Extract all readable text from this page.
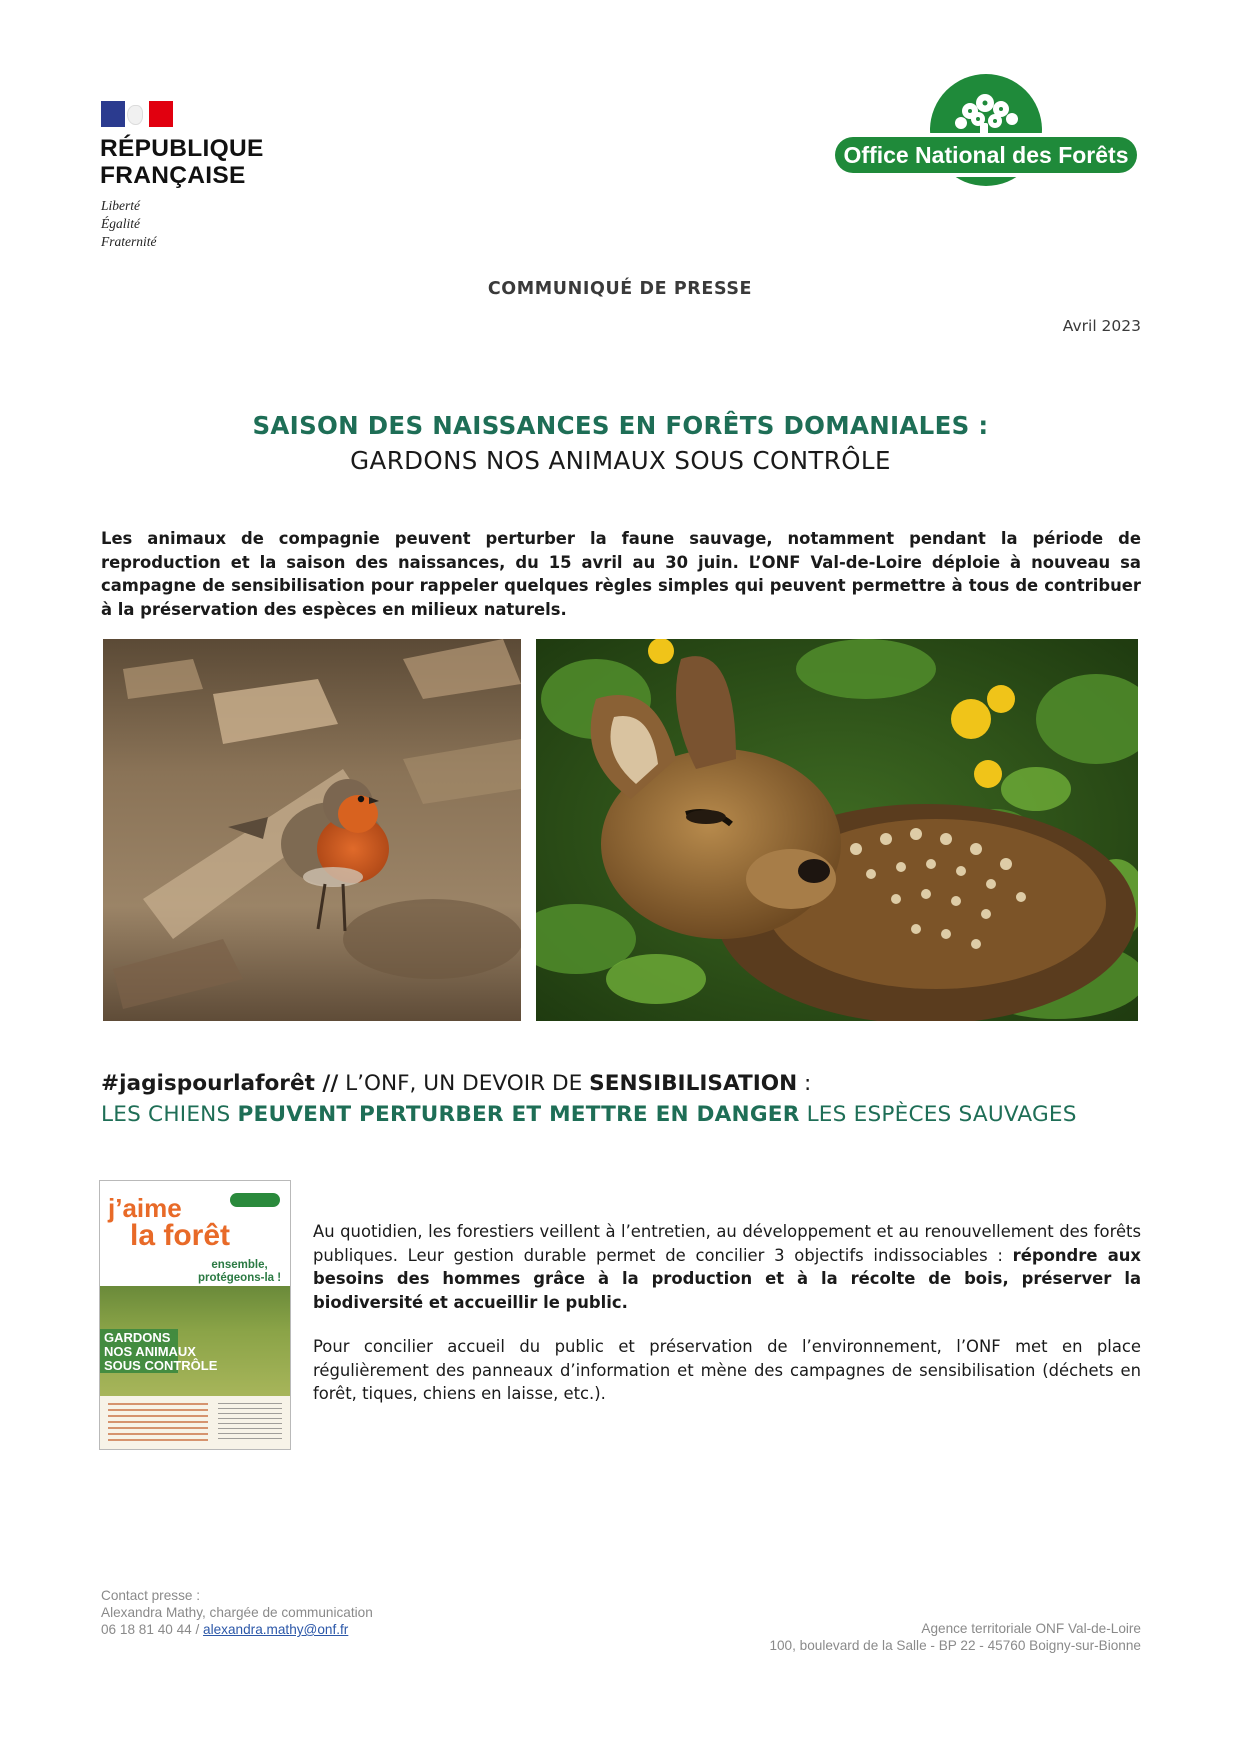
RÉPUBLIQUE
FRANÇAISE
Liberté
Égalité
Fraternité
Office National des Forêts
COMMUNIQUÉ DE PRESSE
Avril 2023
SAISON DES NAISSANCES EN FORÊTS DOMANIALES :
GARDONS NOS ANIMAUX SOUS CONTRÔLE
Les animaux de compagnie peuvent perturber la faune sauvage, notamment pendant la période de reproduction et la saison des naissances, du 15 avril au 30 juin. L’ONF Val-de-Loire déploie à nouveau sa campagne de sensibilisation pour rappeler quelques règles simples qui peuvent permettre à tous de contribuer à la préservation des espèces en milieux naturels.
#jagispourlaforêt // L’ONF, UN DEVOIR DE SENSIBILISATION :
LES CHIENS PEUVENT PERTURBER ET METTRE EN DANGER LES ESPÈCES SAUVAGES
j’aime
la forêt
ensemble,
protégeons-la !
GARDONS
NOS ANIMAUX
SOUS CONTRÔLE
Au quotidien, les forestiers veillent à l’entretien, au développement et au renouvellement des forêts publiques. Leur gestion durable permet de concilier 3 objectifs indissociables : répondre aux besoins des hommes grâce à la production et à la récolte de bois, préserver la biodiversité et accueillir le public.
Pour concilier accueil du public et préservation de l’environnement, l’ONF met en place régulièrement des panneaux d’information et mène des campagnes de sensibilisation (déchets en forêt, tiques, chiens en laisse, etc.).
Contact presse :
Alexandra Mathy, chargée de communication
06 18 81 40 44 / alexandra.mathy@onf.fr	Agence territoriale ONF Val-de-Loire
100, boulevard de la Salle - BP 22 - 45760 Boigny-sur-Bionne
